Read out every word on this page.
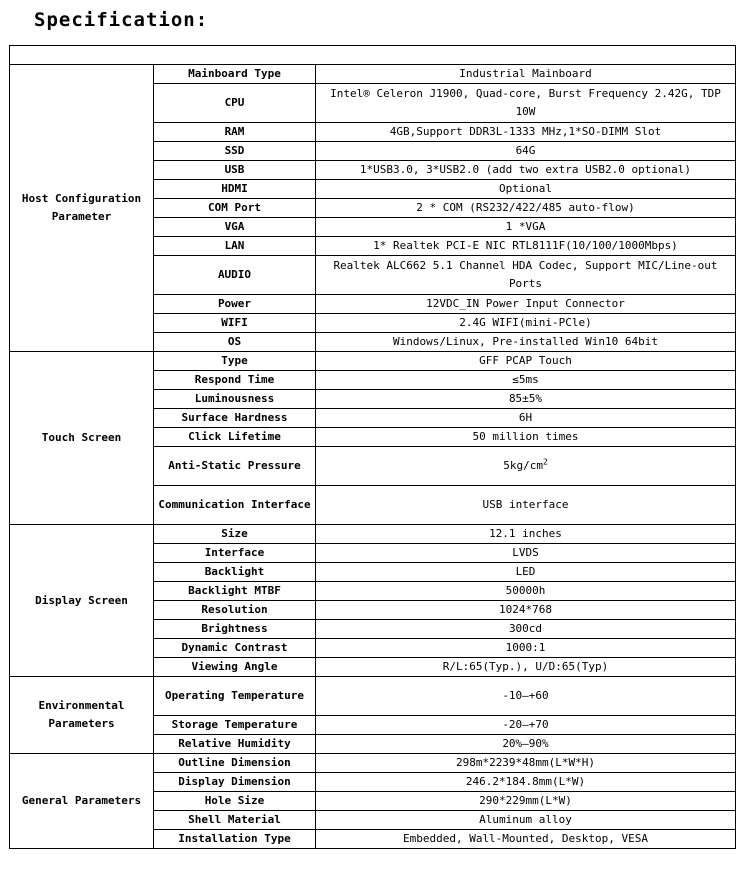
Specification:

Host Configuration Parameter	Mainboard Type	Industrial Mainboard
	CPU	Intel® Celeron J1900, Quad-core, Burst Frequency 2.42G, TDP 10W
	RAM	4GB,Support DDR3L-1333 MHz,1*SO-DIMM Slot
	SSD	64G
	USB	1*USB3.0, 3*USB2.0 (add two extra USB2.0 optional)
	HDMI	Optional
	COM Port	2 * COM (RS232/422/485 auto-flow)
	VGA	1 *VGA
	LAN	1* Realtek PCI-E NIC RTL8111F(10/100/1000Mbps)
	AUDIO	Realtek ALC662 5.1 Channel HDA Codec, Support MIC/Line-out Ports
	Power	12VDC_IN Power Input Connector
	WIFI	2.4G WIFI(mini-PCle)
	OS	Windows/Linux, Pre-installed Win10 64bit
Touch Screen	Type	GFF PCAP Touch
	Respond Time	≤5ms
	Luminousness	85±5%
	Surface Hardness	6H
	Click Lifetime	50 million times
	Anti-Static Pressure	$5kg/cm^2$
	Communication Interface	USB interface
Display Screen	Size	12.1 inches
	Interface	LVDS
	Backlight	LED
	Backlight MTBF	50000h
	Resolution	1024*768
	Brightness	300cd
	Dynamic Contrast	1000:1
	Viewing Angle	R/L:65(Typ.), U/D:65(Typ)
Environmental Parameters	Operating Temperature	-10—+60
	Storage Temperature	-20—+70
	Relative Humidity	20%—90%
General Parameters	Outline Dimension	298m*2239*48mm(L*W*H)
	Display Dimension	246.2*184.8mm(L*W)
	Hole Size	290*229mm(L*W)
	Shell Material	Aluminum alloy
	Installation Type	Embedded, Wall-Mounted, Desktop, VESA
